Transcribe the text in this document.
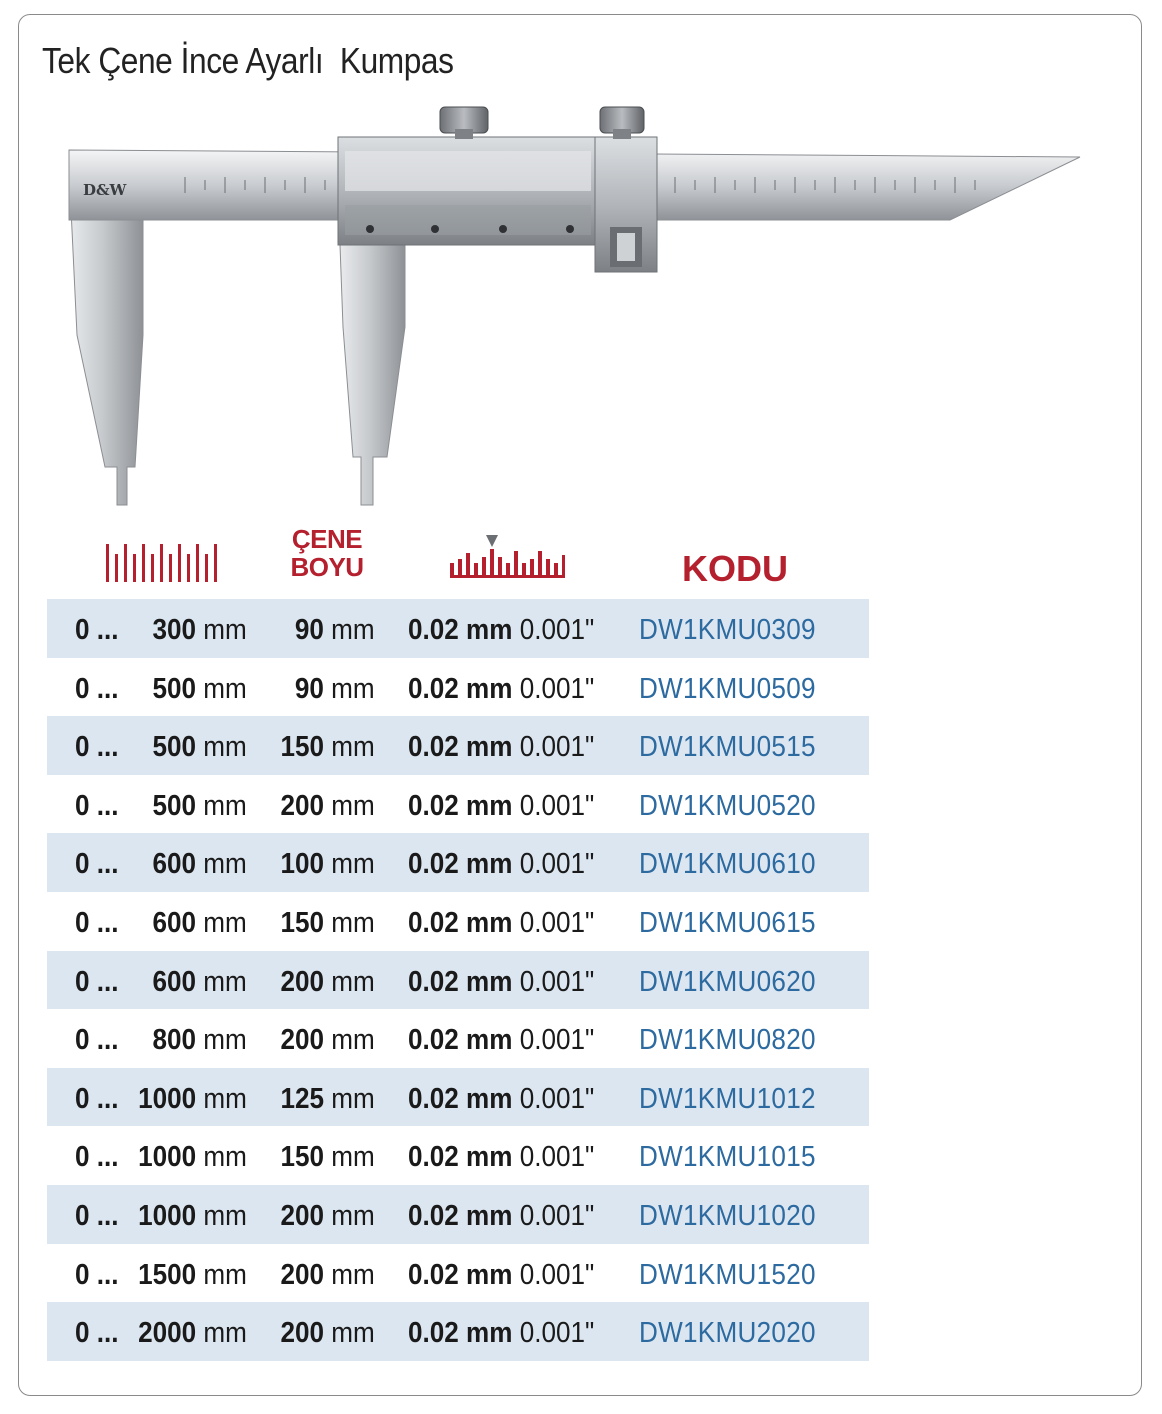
Tek Çene İnce Ayarlı  Kumpas
D&W
ÇENE
BOYU	KODU
0 ...	300 mm	90 mm 0.02 mm 0.001"	DW1KMU0309
0 ...	500 mm	90 mm 0.02 mm 0.001"	DW1KMU0509
0 ...	500 mm	150 mm 0.02 mm 0.001"	DW1KMU0515
0 ...	500 mm	200 mm 0.02 mm 0.001"	DW1KMU0520
0 ...	600 mm	100 mm 0.02 mm 0.001"	DW1KMU0610
0 ...	600 mm	150 mm 0.02 mm 0.001"	DW1KMU0615
0 ...	600 mm	200 mm 0.02 mm 0.001"	DW1KMU0620
0 ...	800 mm	200 mm 0.02 mm 0.001"	DW1KMU0820
0 ... 1000 mm	125 mm 0.02 mm 0.001"	DW1KMU1012
0 ... 1000 mm	150 mm 0.02 mm 0.001"	DW1KMU1015
0 ... 1000 mm	200 mm 0.02 mm 0.001"	DW1KMU1020
0 ... 1500 mm	200 mm 0.02 mm 0.001"	DW1KMU1520
0 ... 2000 mm	200 mm 0.02 mm 0.001"	DW1KMU2020
